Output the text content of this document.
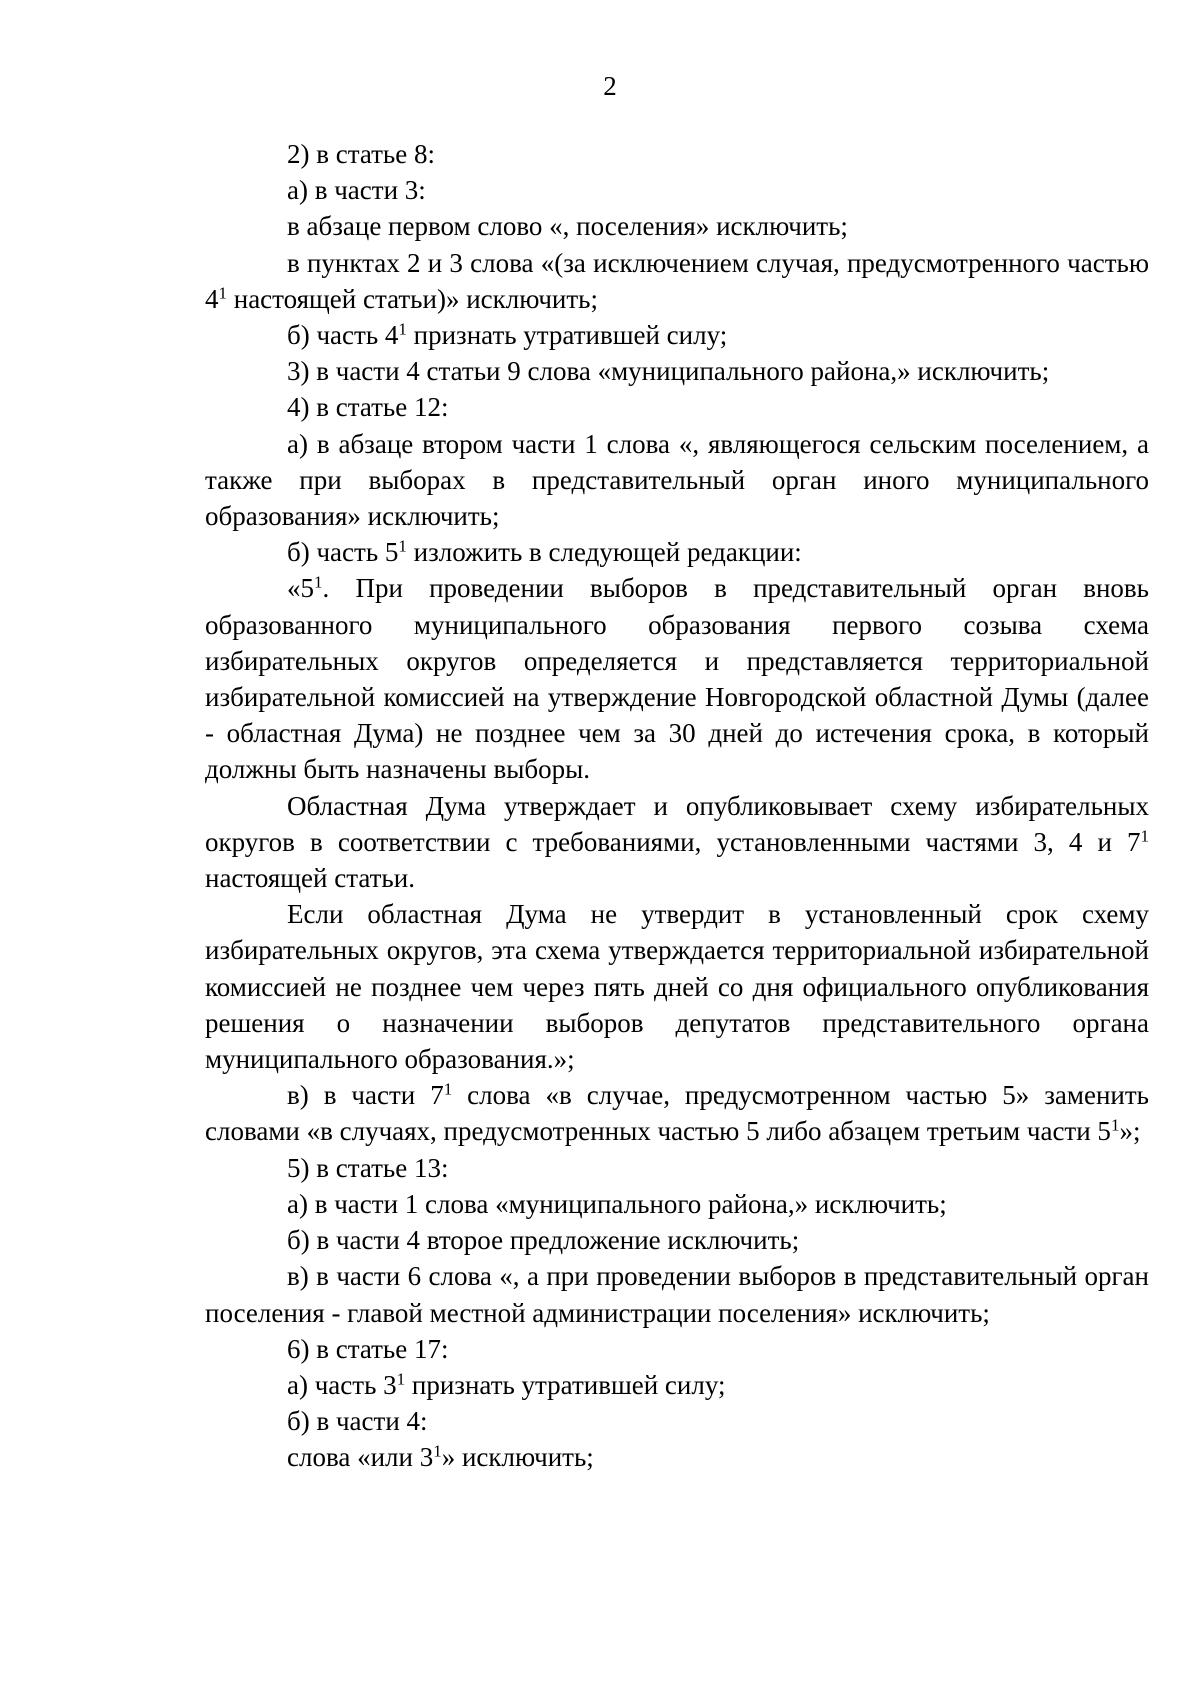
2

2) в статье 8:

а) в части 3:

в абзаце первом слово «, поселения» исключить;

в пунктах 2 и 3 слова «(за исключением случая, предусмотренного частью $4^1$ настоящей статьи)» исключить;

б) часть $4^1$ признать утратившей силу;

3) в части 4 статьи 9 слова «муниципального района,» исключить;

4) в статье 12:

а) в абзаце втором части 1 слова «, являющегося сельским поселением, а также при выборах в представительный орган иного муниципального образования» исключить;

б) часть $5^1$ изложить в следующей редакции:

«$5^1$. При проведении выборов в представительный орган вновь образованного муниципального образования первого созыва схема избирательных округов определяется и представляется территориальной избирательной комиссией на утверждение Новгородской областной Думы (далее - областная Дума) не позднее чем за 30 дней до истечения срока, в который должны быть назначены выборы.

Областная Дума утверждает и опубликовывает схему избирательных округов в соответствии с требованиями, установленными частями 3, 4 и $7^1$ настоящей статьи.

Если областная Дума не утвердит в установленный срок схему избирательных округов, эта схема утверждается территориальной избирательной комиссией не позднее чем через пять дней со дня официального опубликования решения о назначении выборов депутатов представительного органа муниципального образования.»;

в) в части $7^1$ слова «в случае, предусмотренном частью 5» заменить словами «в случаях, предусмотренных частью 5 либо абзацем третьим части $5^1$»;

5) в статье 13:

а) в части 1 слова «муниципального района,» исключить;

б) в части 4 второе предложение исключить;

в) в части 6 слова «, а при проведении выборов в представительный орган поселения - главой местной администрации поселения» исключить;

6) в статье 17:

а) часть $3^1$ признать утратившей силу;

б) в части 4:

слова «или $3^1$» исключить;
